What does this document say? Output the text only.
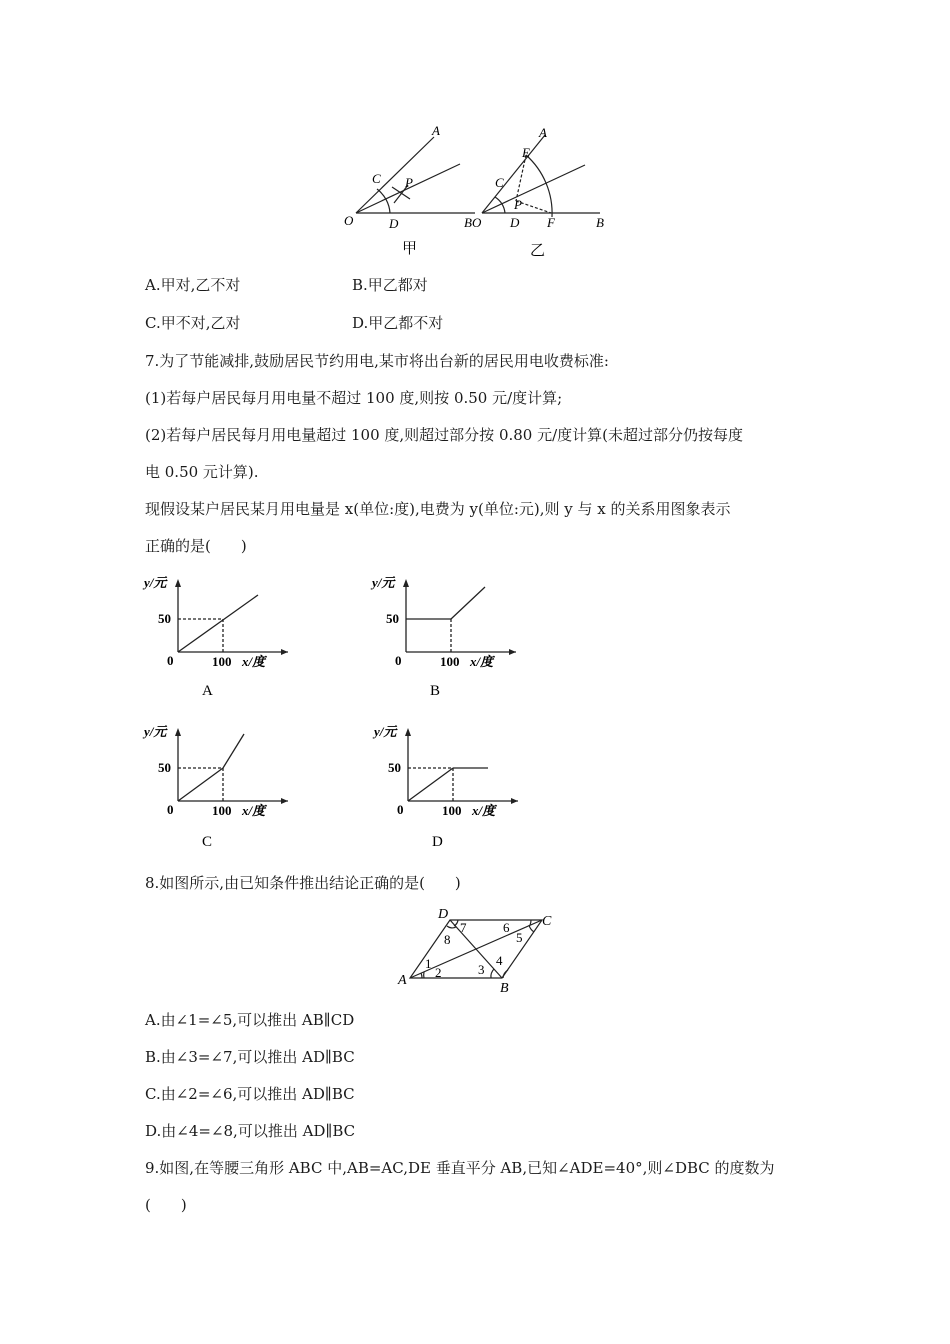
A
C P
O	D	B
甲
A
E
C
P
O D F	B
乙
A.甲对,乙不对	B.甲乙都对
C.甲不对,乙对	D.甲乙都不对
7.为了节能减排,鼓励居民节约用电,某市将出台新的居民用电收费标准:
(1)若每户居民每月用电量不超过 100 度,则按 0.50 元/度计算;
(2)若每户居民每月用电量超过 100 度,则超过部分按 0.80 元/度计算(未超过部分仍按每度
电 0.50 元计算).
现假设某户居民某月用电量是 x(单位:度),电费为 y(单位:元),则 y 与 x 的关系用图象表示
正确的是(　　)
y/元
50
0	100 x/度
A
y/元
50
0	100 x/度
B
y/元
50
0	100 x/度
C
y/元
50
0	100 x/度
D
8.如图所示,由已知条件推出结论正确的是(　　)
D	C
A
B
1
2	3
4
5
6
7
8
A.由∠1=∠5,可以推出 AB∥CD
B.由∠3=∠7,可以推出 AD∥BC
C.由∠2=∠6,可以推出 AD∥BC
D.由∠4=∠8,可以推出 AD∥BC
9.如图,在等腰三角形 ABC 中,AB=AC,DE 垂直平分 AB,已知∠ADE=40°,则∠DBC 的度数为
(　　)
